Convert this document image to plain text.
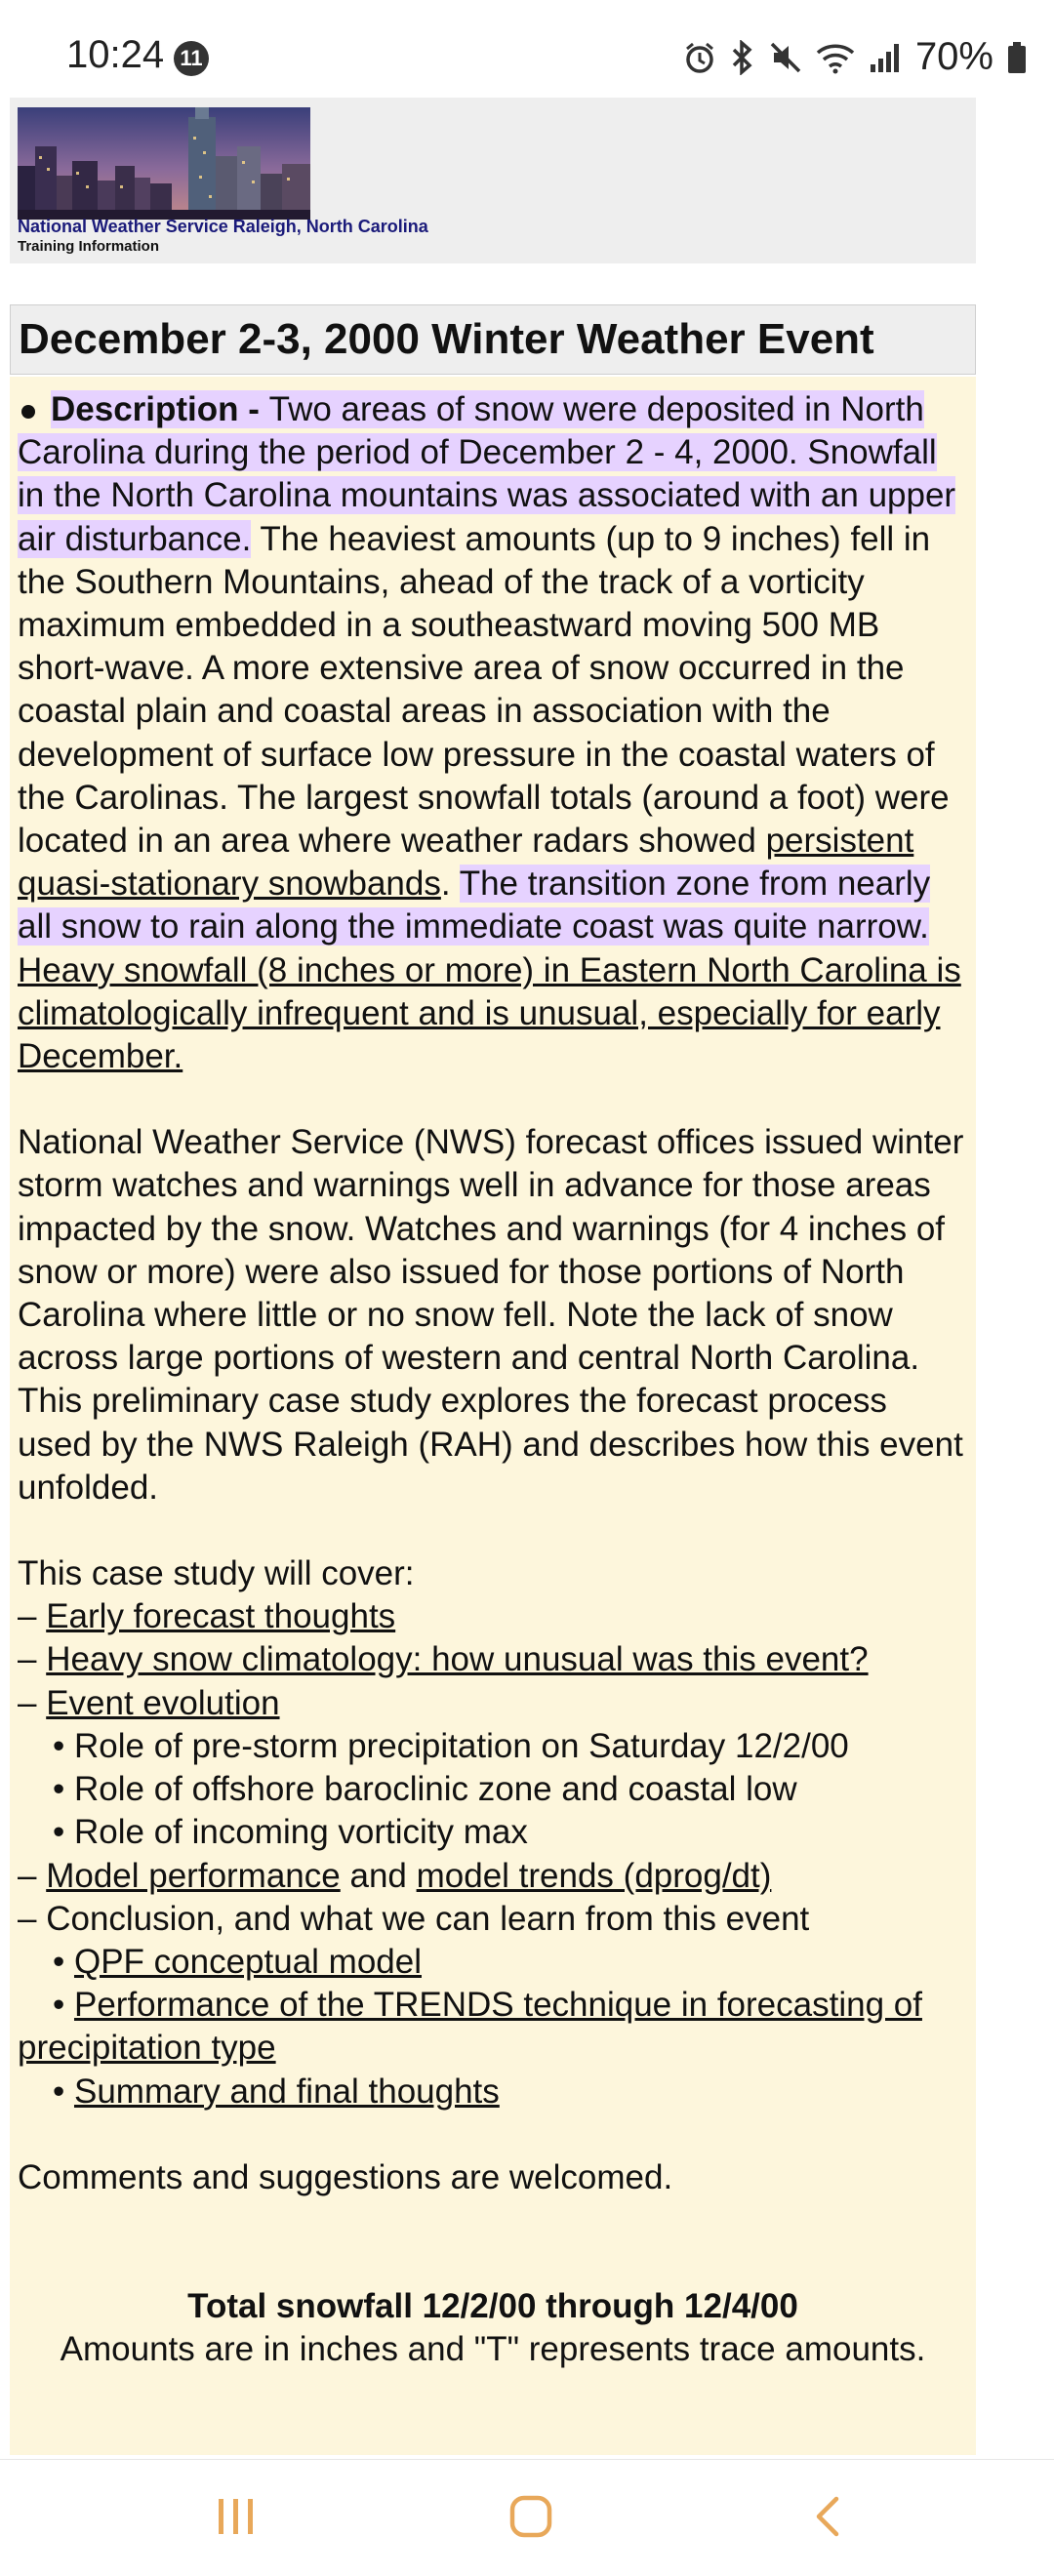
10:24 11	70%
National Weather Service Raleigh, North Carolina
Training Information
December 2-3, 2000 Winter Weather Event

Description - Two areas of snow were deposited in North Carolina during the period of December 2 - 4, 2000. Snowfall in the North Carolina mountains was associated with an upper air disturbance. The heaviest amounts (up to 9 inches) fell in the Southern Mountains, ahead of the track of a vorticity maximum embedded in a southeastward moving 500 MB short-wave. A more extensive area of snow occurred in the coastal plain and coastal areas in association with the development of surface low pressure in the coastal waters of the Carolinas. The largest snowfall totals (around a foot) were located in an area where weather radars showed persistent quasi-stationary snowbands. The transition zone from nearly all snow to rain along the immediate coast was quite narrow. Heavy snowfall (8 inches or more) in Eastern North Carolina is climatologically infrequent and is unusual, especially for early December.

National Weather Service (NWS) forecast offices issued winter storm watches and warnings well in advance for those areas impacted by the snow. Watches and warnings (for 4 inches of snow or more) were also issued for those portions of North Carolina where little or no snow fell. Note the lack of snow across large portions of western and central North Carolina. This preliminary case study explores the forecast process used by the NWS Raleigh (RAH) and describes how this event unfolded.

This case study will cover:
– Early forecast thoughts
– Heavy snow climatology: how unusual was this event?
– Event evolution
• Role of pre-storm precipitation on Saturday 12/2/00
• Role of offshore baroclinic zone and coastal low
• Role of incoming vorticity max
– Model performance and model trends (dprog/dt)
– Conclusion, and what we can learn from this event
• QPF conceptual model
• Performance of the TRENDS technique in forecasting of precipitation type
• Summary and final thoughts

Comments and suggestions are welcomed.

Total snowfall 12/2/00 through 12/4/00
Amounts are in inches and "T" represents trace amounts.
